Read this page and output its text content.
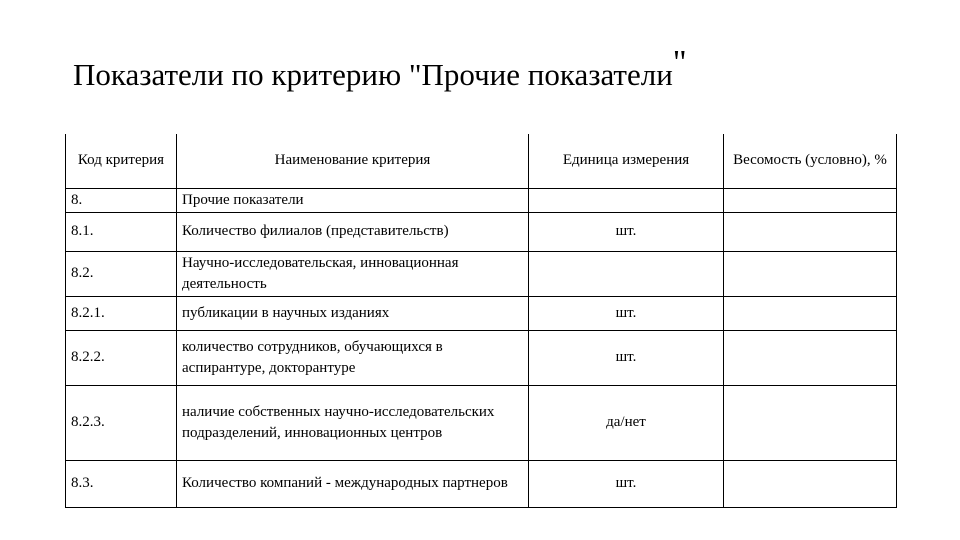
Показатели по критерию "Прочие показатели"
Код критерия	Наименование критерия	Единица измерения	Весомость (условно), %
8.	Прочие показатели		
8.1.	Количество филиалов (представительств)	шт.	
8.2.	Научно-исследовательская, инновационная деятельность		
8.2.1.	публикации в научных изданиях	шт.	
8.2.2.	количество сотрудников, обучающихся в аспирантуре, докторантуре	шт.	
8.2.3.	наличие собственных научно-исследовательских подразделений, инновационных центров	да/нет	
8.3.	Количество компаний - международных партнеров	шт.	
